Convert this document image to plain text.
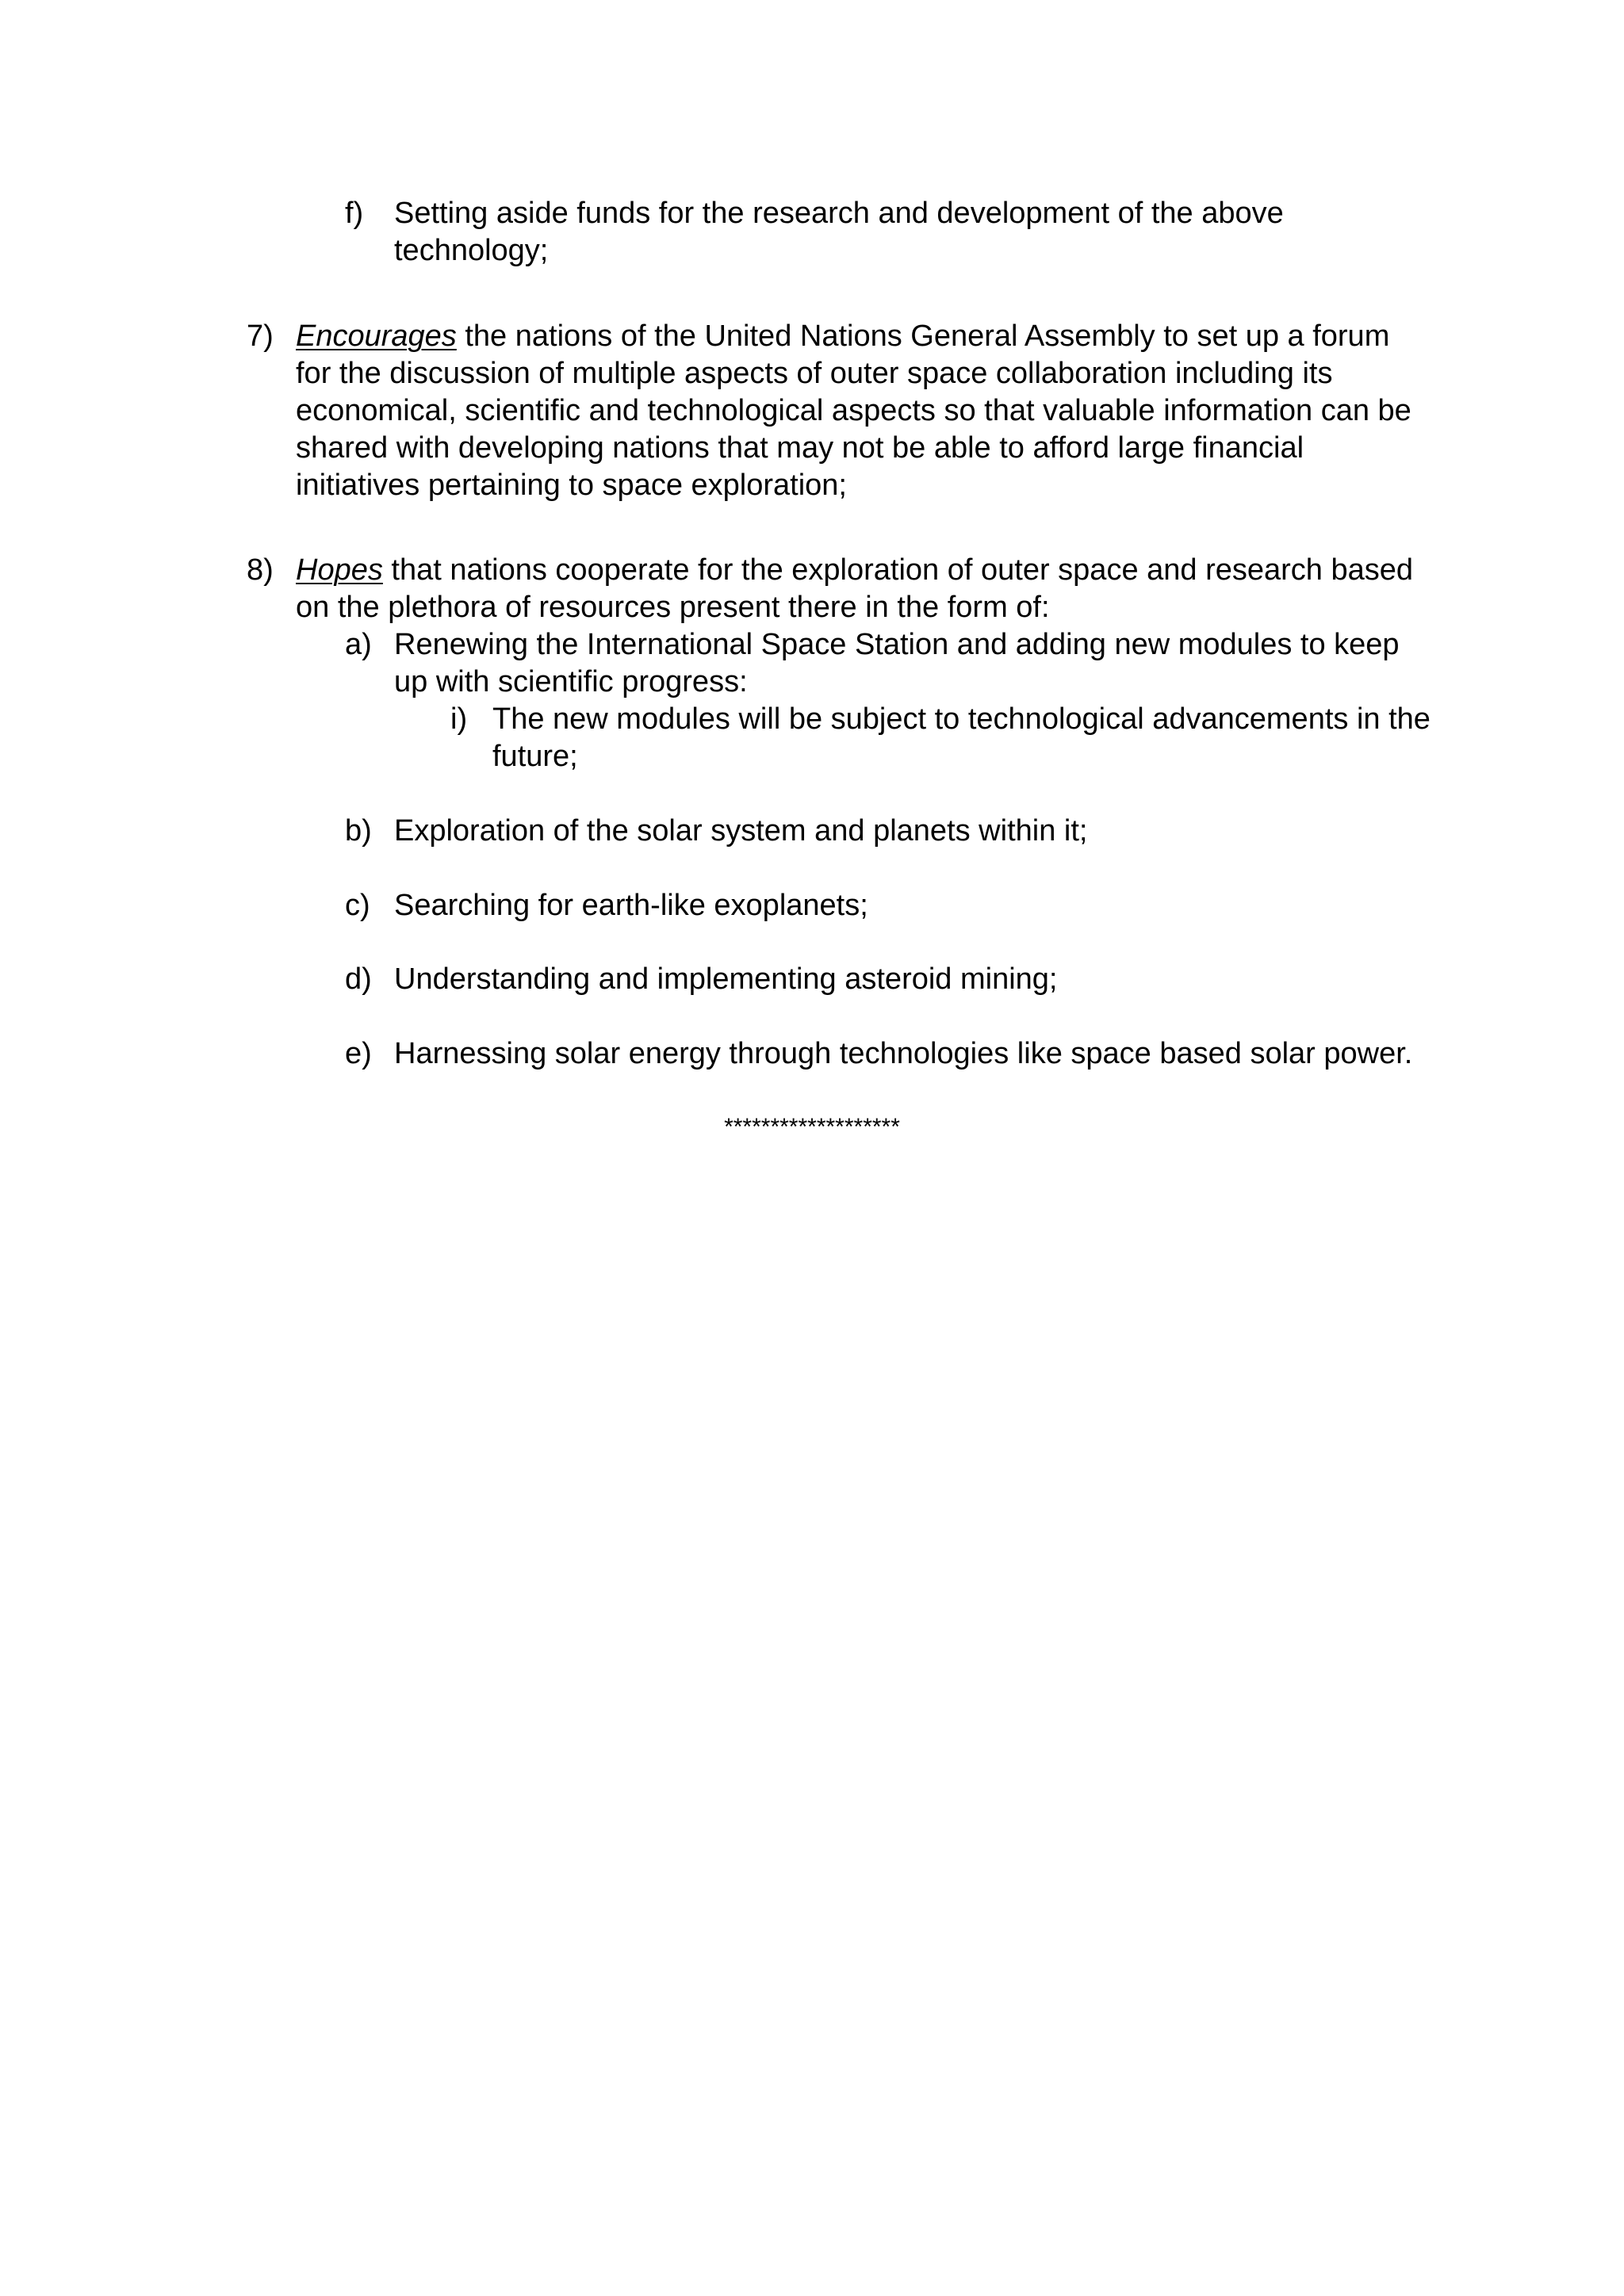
f) Setting aside funds for the research and development of the above

technology;

7) Encourages the nations of the United Nations General Assembly to set up a forum

for the discussion of multiple aspects of outer space collaboration including its

economical, scientific and technological aspects so that valuable information can be

shared with developing nations that may not be able to afford large financial

initiatives pertaining to space exploration;

8) Hopes that nations cooperate for the exploration of outer space and research based

on the plethora of resources present there in the form of:

a) Renewing the International Space Station and adding new modules to keep

up with scientific progress:

i) The new modules will be subject to technological advancements in the

future;

b) Exploration of the solar system and planets within it;

c) Searching for earth-like exoplanets;

d) Understanding and implementing asteroid mining;

e) Harnessing solar energy through technologies like space based solar power.

*******************
